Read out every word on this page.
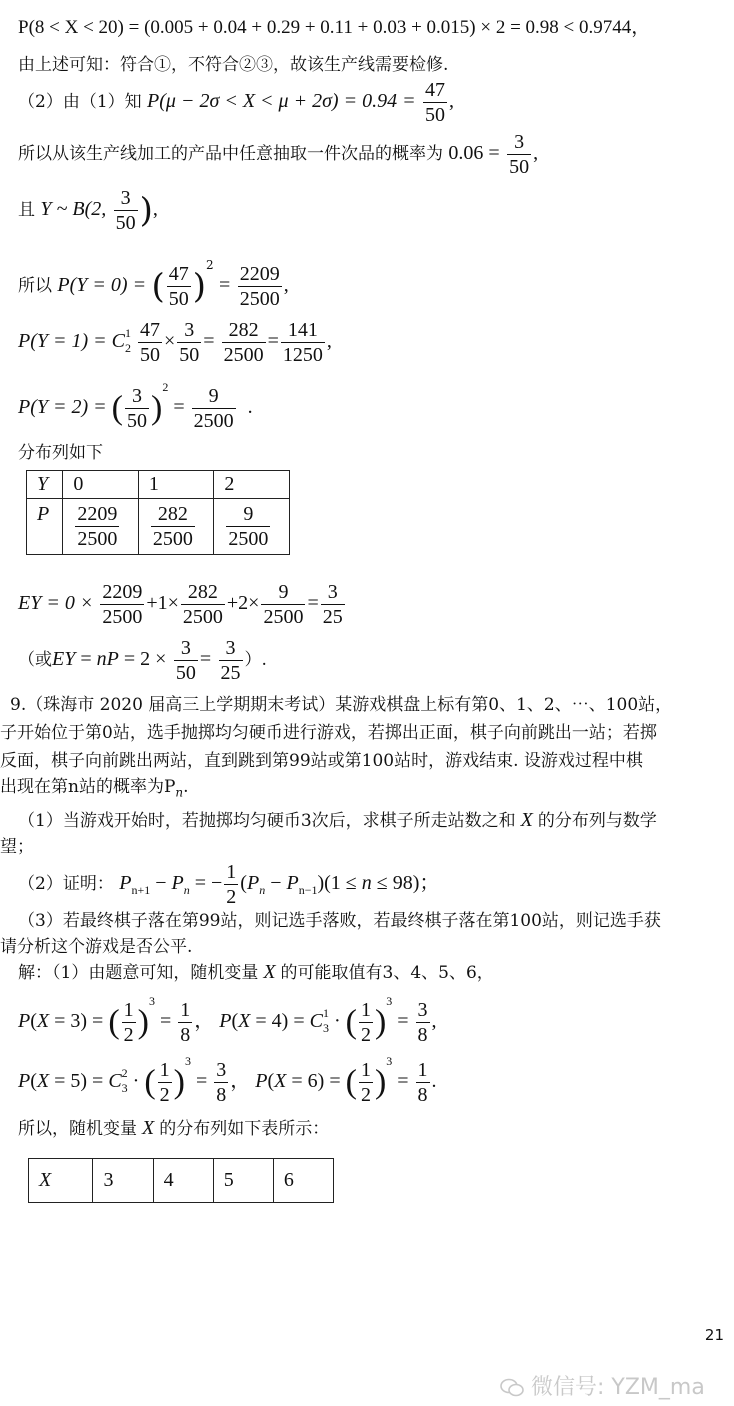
P(8 < X < 20) = (0.005 + 0.04 + 0.29 + 0.11 + 0.03 + 0.015) × 2 = 0.98 < 0.9744，
由上述可知：符合①，不符合②③，故该生产线需要检修.
（2）由（1）知 $P(\mu - 2\sigma < X < \mu + 2\sigma) = 0.94 = \frac{47}{50}$ ,
所以从该生产线加工的产品中任意抽取一件次品的概率为 $0.06 = \frac{3}{50}$ ,
且 Y ~ B(2, $\frac{3}{50}$ ),
所以 P(Y = 0) = ( $\frac{47}{50} )^2 = \frac{2209}{2500}$ ,
$P(Y = 1) = C_2^1 \frac{47}{50} \times \frac{3}{50} = \frac{282}{2500} = \frac{141}{1250}$ ,
P(Y = 2) = ( $\frac{3}{50} )^2 = \frac{9}{2500}$ .
分布列如下
Y	0	1	2
P	$\frac{2209}{2500}$	$\frac{282}{2500}$	$\frac{9}{2500}$
EY = $0 \times \frac{2209}{2500} +1\times \frac{282}{2500} +2\times \frac{9}{2500} = \frac{3}{25}$
（或EY = nP = $2 \times \frac{3}{50} = \frac{3}{25}$ ）.
9.（珠海市 2020 届高三上学期期末考试）某游戏棋盘上标有第0、1、2、⋯、100站，
子开始位于第0站，选手抛掷均匀硬币进行游戏，若掷出正面，棋子向前跳出一站；若掷
反面，棋子向前跳出两站，直到跳到第99站或第100站时，游戏结束. 设游戏过程中棋
出现在第n站的概率为$P_n$.
（1）当游戏开始时，若抛掷均匀硬币3次后，求棋子所走站数之和 X 的分布列与数学
望；
（2）证明： $P_{n+1} - P_n$ = − $\frac{1}{2} (P_n - P_{n-1})(1 \le n \le 98)$；
（3）若最终棋子落在第99站，则记选手落败，若最终棋子落在第100站，则记选手获
请分析这个游戏是否公平.
解：（1）由题意可知，随机变量 X 的可能取值有3、4、5、6，
P(X = 3) = ( $\frac{1}{2} )^3 = \frac{1}{8}$ ， $P(X = 4) = C_3^1$ · ( $\frac{1}{2} )^3 = \frac{3}{8}$ ,
$P(X = 5) = C_3^2$ · ( $\frac{1}{2} )^3 = \frac{3}{8}$ ， P(X = 6) = ( $\frac{1}{2} )^3 = \frac{1}{8}$ .
所以，随机变量 X 的分布列如下表所示：
X	3	4	5	6
21
微信号: YZM_ma
